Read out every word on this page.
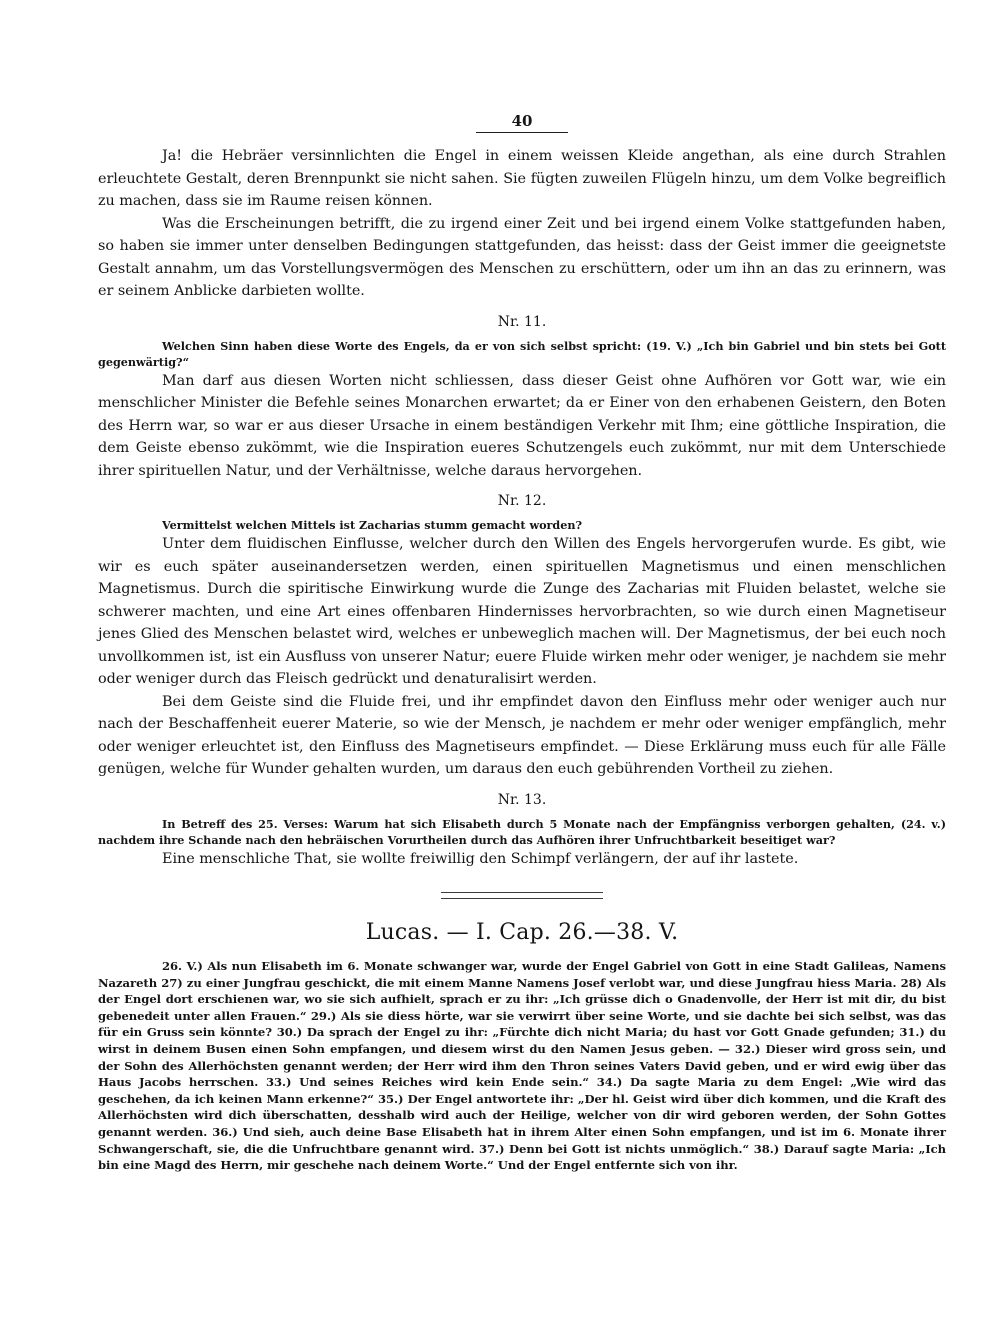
40

Ja! die Hebräer versinnlichten die Engel in einem weissen Kleide angethan, als eine durch Strahlen erleuchtete Gestalt, deren Brennpunkt sie nicht sahen. Sie fügten zuweilen Flügeln hinzu, um dem Volke begreiflich zu machen, dass sie im Raume reisen können.

Was die Erscheinungen betrifft, die zu irgend einer Zeit und bei irgend einem Volke stattgefunden haben, so haben sie immer unter denselben Bedingungen stattgefunden, das heisst: dass der Geist immer die geeignetste Gestalt annahm, um das Vorstellungsvermögen des Menschen zu erschüttern, oder um ihn an das zu erinnern, was er seinem Anblicke darbieten wollte.

Nr. 11.

Welchen Sinn haben diese Worte des Engels, da er von sich selbst spricht: (19. V.) „Ich bin Gabriel und bin stets bei Gott gegenwärtig?“

Man darf aus diesen Worten nicht schliessen, dass dieser Geist ohne Aufhören vor Gott war, wie ein menschlicher Minister die Befehle seines Monarchen erwartet; da er Einer von den erhabenen Geistern, den Boten des Herrn war, so war er aus dieser Ursache in einem beständigen Verkehr mit Ihm; eine göttliche Inspiration, die dem Geiste ebenso zukömmt, wie die Inspiration eueres Schutzengels euch zukömmt, nur mit dem Unterschiede ihrer spirituellen Natur, und der Verhältnisse, welche daraus hervorgehen.

Nr. 12.

Vermittelst welchen Mittels ist Zacharias stumm gemacht worden?

Unter dem fluidischen Einflusse, welcher durch den Willen des Engels hervorgerufen wurde. Es gibt, wie wir es euch später auseinandersetzen werden, einen spirituellen Magnetismus und einen menschlichen Magnetismus. Durch die spiritische Einwirkung wurde die Zunge des Zacharias mit Fluiden belastet, welche sie schwerer machten, und eine Art eines offenbaren Hindernisses hervorbrachten, so wie durch einen Magnetiseur jenes Glied des Menschen belastet wird, welches er unbeweglich machen will. Der Magnetismus, der bei euch noch unvollkommen ist, ist ein Ausfluss von unserer Natur; euere Fluide wirken mehr oder weniger, je nachdem sie mehr oder weniger durch das Fleisch gedrückt und denaturalisirt werden.

Bei dem Geiste sind die Fluide frei, und ihr empfindet davon den Einfluss mehr oder weniger auch nur nach der Beschaffenheit euerer Materie, so wie der Mensch, je nachdem er mehr oder weniger empfänglich, mehr oder weniger erleuchtet ist, den Einfluss des Magnetiseurs empfindet. — Diese Erklärung muss euch für alle Fälle genügen, welche für Wunder gehalten wurden, um daraus den euch gebührenden Vortheil zu ziehen.

Nr. 13.

In Betreff des 25. Verses: Warum hat sich Elisabeth durch 5 Monate nach der Empfängniss verborgen gehalten, (24. v.) nachdem ihre Schande nach den hebräischen Vorurtheilen durch das Aufhören ihrer Unfruchtbarkeit beseitiget war?

Eine menschliche That, sie wollte freiwillig den Schimpf verlängern, der auf ihr lastete.

Lucas. — I. Cap. 26.—38. V.

26. V.) Als nun Elisabeth im 6. Monate schwanger war, wurde der Engel Gabriel von Gott in eine Stadt Galileas, Namens Nazareth 27) zu einer Jungfrau geschickt, die mit einem Manne Namens Josef verlobt war, und diese Jungfrau hiess Maria. 28) Als der Engel dort erschienen war, wo sie sich aufhielt, sprach er zu ihr: „Ich grüsse dich o Gnadenvolle, der Herr ist mit dir, du bist gebenedeit unter allen Frauen.“ 29.) Als sie diess hörte, war sie verwirrt über seine Worte, und sie dachte bei sich selbst, was das für ein Gruss sein könnte? 30.) Da sprach der Engel zu ihr: „Fürchte dich nicht Maria; du hast vor Gott Gnade gefunden; 31.) du wirst in deinem Busen einen Sohn empfangen, und diesem wirst du den Namen Jesus geben. — 32.) Dieser wird gross sein, und der Sohn des Allerhöchsten genannt werden; der Herr wird ihm den Thron seines Vaters David geben, und er wird ewig über das Haus Jacobs herrschen. 33.) Und seines Reiches wird kein Ende sein.“ 34.) Da sagte Maria zu dem Engel: „Wie wird das geschehen, da ich keinen Mann erkenne?“ 35.) Der Engel antwortete ihr: „Der hl. Geist wird über dich kommen, und die Kraft des Allerhöchsten wird dich überschatten, desshalb wird auch der Heilige, welcher von dir wird geboren werden, der Sohn Gottes genannt werden. 36.) Und sieh, auch deine Base Elisabeth hat in ihrem Alter einen Sohn empfangen, und ist im 6. Monate ihrer Schwangerschaft, sie, die die Unfruchtbare genannt wird. 37.) Denn bei Gott ist nichts unmöglich.“ 38.) Darauf sagte Maria: „Ich bin eine Magd des Herrn, mir geschehe nach deinem Worte.“ Und der Engel entfernte sich von ihr.
